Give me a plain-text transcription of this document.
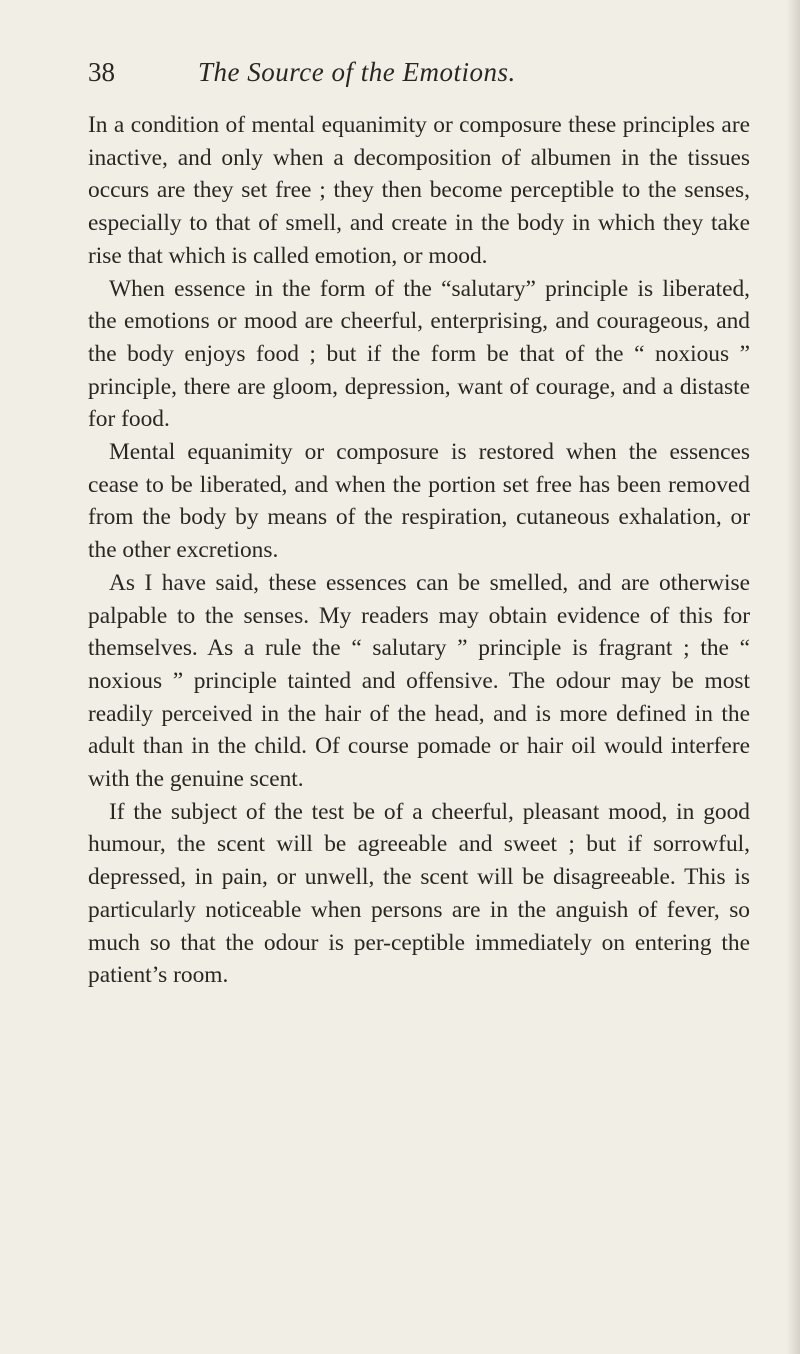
38	The Source of the Emotions.

In a condition of mental equanimity or composure these principles are inactive, and only when a decomposition of albumen in the tissues occurs are they set free ; they then become perceptible to the senses, especially to that of smell, and create in the body in which they take rise that which is called emotion, or mood.

When essence in the form of the “salutary” principle is liberated, the emotions or mood are cheerful, enterprising, and courageous, and the body enjoys food ; but if the form be that of the “ noxious ” principle, there are gloom, depression, want of courage, and a distaste for food.

Mental equanimity or composure is restored when the essences cease to be liberated, and when the portion set free has been removed from the body by means of the respiration, cutaneous exhalation, or the other excretions.

As I have said, these essences can be smelled, and are otherwise palpable to the senses. My readers may obtain evidence of this for themselves. As a rule the “ salutary ” principle is fragrant ; the “ noxious ” principle tainted and offensive. The odour may be most readily perceived in the hair of the head, and is more defined in the adult than in the child. Of course pomade or hair oil would interfere with the genuine scent.

If the subject of the test be of a cheerful, pleasant mood, in good humour, the scent will be agreeable and sweet ; but if sorrowful, depressed, in pain, or unwell, the scent will be disagreeable. This is particularly noticeable when persons are in the anguish of fever, so much so that the odour is per-ceptible immediately on entering the patient’s room.
